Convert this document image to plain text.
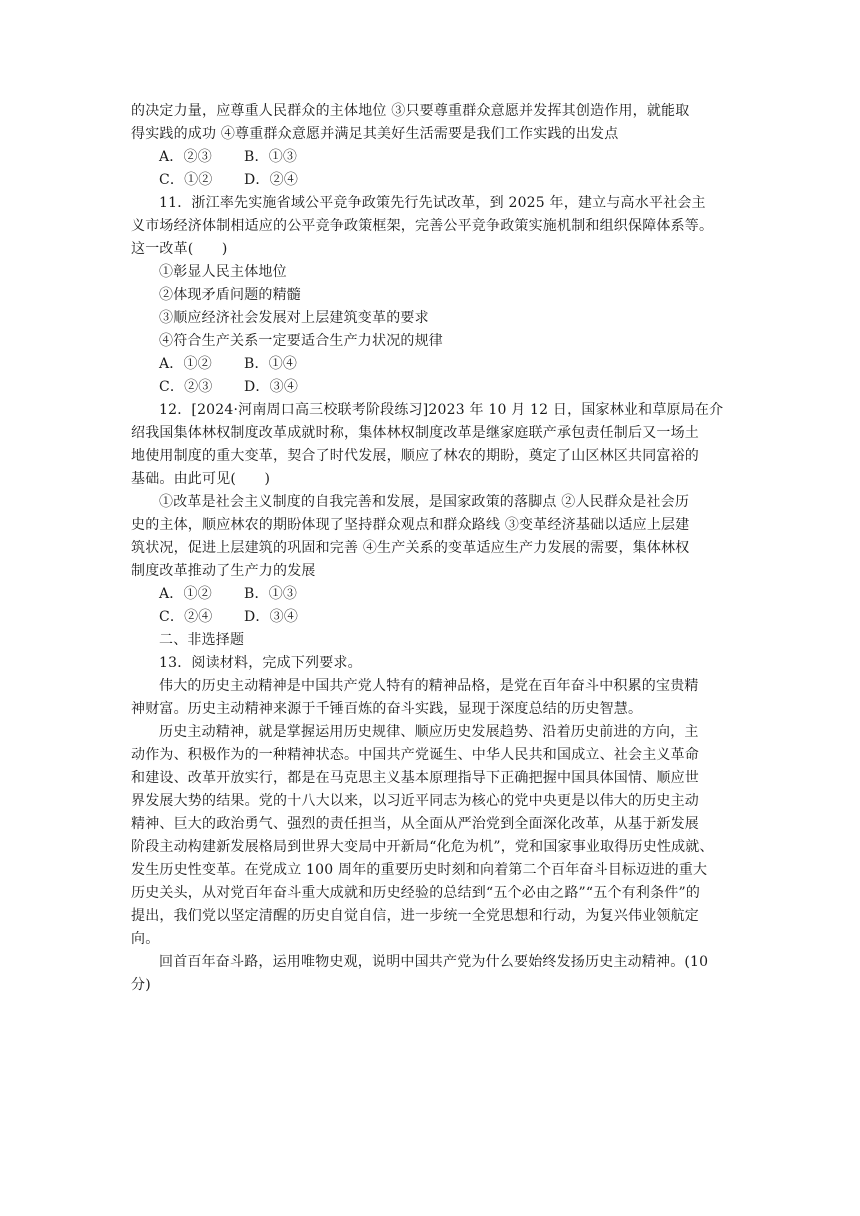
的决定力量，应尊重人民群众的主体地位 ③只要尊重群众意愿并发挥其创造作用，就能取
得实践的成功 ④尊重群众意愿并满足其美好生活需要是我们工作实践的出发点
A．②③ B．①③
C．①② D．②④
11．浙江率先实施省域公平竞争政策先行先试改革，到 2025 年，建立与高水平社会主
义市场经济体制相适应的公平竞争政策框架，完善公平竞争政策实施机制和组织保障体系等。
这一改革(　　)
①彰显人民主体地位
②体现矛盾问题的精髓
③顺应经济社会发展对上层建筑变革的要求
④符合生产关系一定要适合生产力状况的规律
A．①② B．①④
C．②③ D．③④
12．[2024·河南周口高三校联考阶段练习]2023 年 10 月 12 日，国家林业和草原局在介
绍我国集体林权制度改革成就时称，集体林权制度改革是继家庭联产承包责任制后又一场土
地使用制度的重大变革，契合了时代发展，顺应了林农的期盼，奠定了山区林区共同富裕的
基础。由此可见(　　)
①改革是社会主义制度的自我完善和发展，是国家政策的落脚点 ②人民群众是社会历
史的主体，顺应林农的期盼体现了坚持群众观点和群众路线 ③变革经济基础以适应上层建
筑状况，促进上层建筑的巩固和完善 ④生产关系的变革适应生产力发展的需要，集体林权
制度改革推动了生产力的发展
A．①② B．①③
C．②④ D．③④
二、非选择题
13．阅读材料，完成下列要求。
伟大的历史主动精神是中国共产党人特有的精神品格，是党在百年奋斗中积累的宝贵精
神财富。历史主动精神来源于千锤百炼的奋斗实践，显现于深度总结的历史智慧。
历史主动精神，就是掌握运用历史规律、顺应历史发展趋势、沿着历史前进的方向，主
动作为、积极作为的一种精神状态。中国共产党诞生、中华人民共和国成立、社会主义革命
和建设、改革开放实行，都是在马克思主义基本原理指导下正确把握中国具体国情、顺应世
界发展大势的结果。党的十八大以来，以习近平同志为核心的党中央更是以伟大的历史主动
精神、巨大的政治勇气、强烈的责任担当，从全面从严治党到全面深化改革，从基于新发展
阶段主动构建新发展格局到世界大变局中开新局“化危为机”，党和国家事业取得历史性成就、
发生历史性变革。在党成立 100 周年的重要历史时刻和向着第二个百年奋斗目标迈进的重大
历史关头，从对党百年奋斗重大成就和历史经验的总结到“五个必由之路”“五个有利条件”的
提出，我们党以坚定清醒的历史自觉自信，进一步统一全党思想和行动，为复兴伟业领航定
向。
回首百年奋斗路，运用唯物史观，说明中国共产党为什么要始终发扬历史主动精神。(10
分)
